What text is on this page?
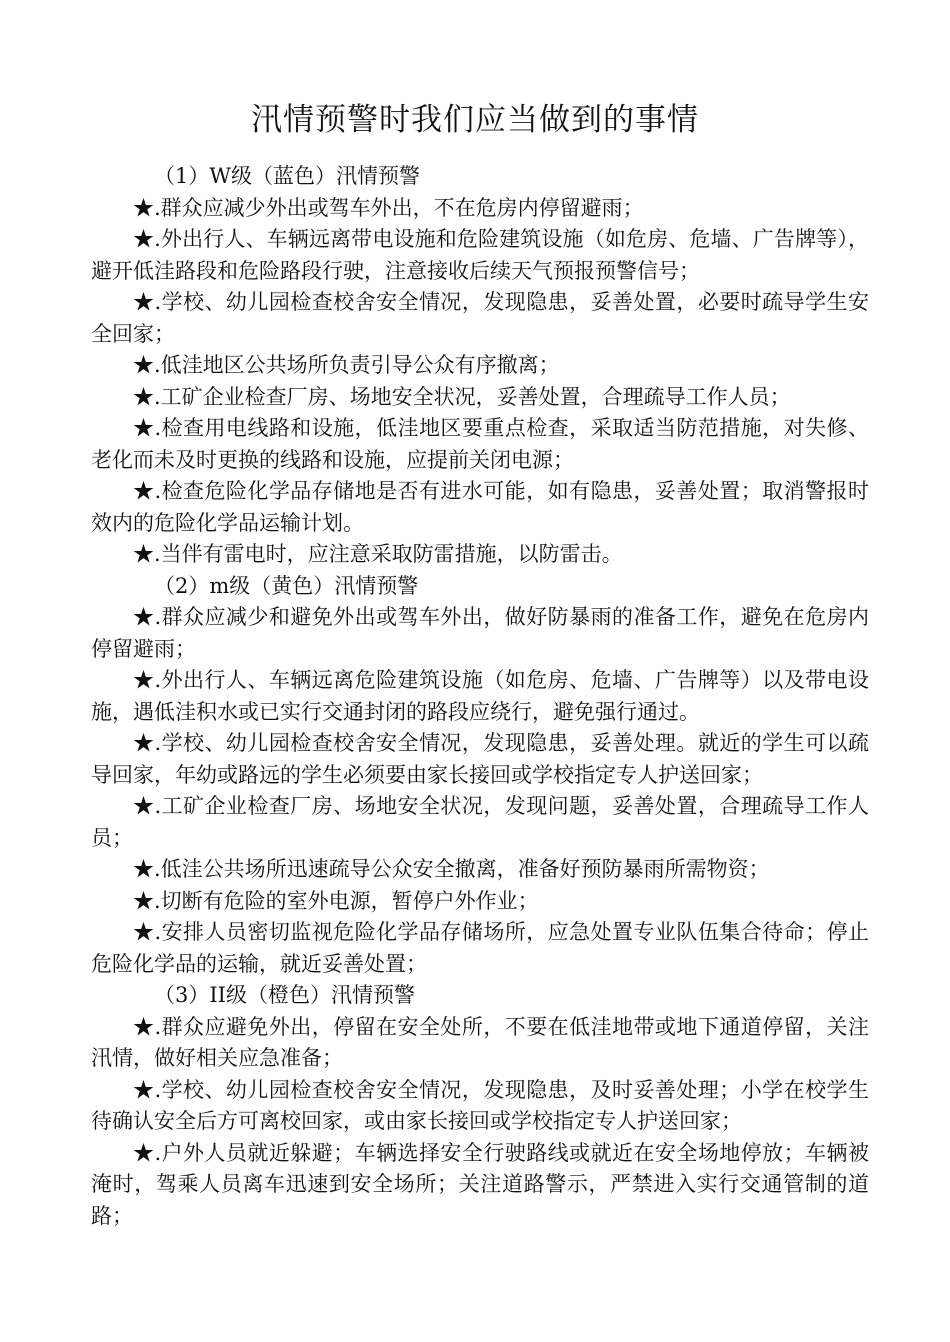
汛情预警时我们应当做到的事情

（1）W级（蓝色）汛情预警

★.群众应减少外出或驾车外出，不在危房内停留避雨；

★.外出行人、车辆远离带电设施和危险建筑设施（如危房、危墙、广告牌等），避开低洼路段和危险路段行驶，注意接收后续天气预报预警信号；

★.学校、幼儿园检查校舍安全情况，发现隐患，妥善处置，必要时疏导学生安全回家；

★.低洼地区公共场所负责引导公众有序撤离；

★.工矿企业检查厂房、场地安全状况，妥善处置，合理疏导工作人员；

★.检查用电线路和设施，低洼地区要重点检查，采取适当防范措施，对失修、老化而未及时更换的线路和设施，应提前关闭电源；

★.检查危险化学品存储地是否有进水可能，如有隐患，妥善处置；取消警报时效内的危险化学品运输计划。

★.当伴有雷电时，应注意采取防雷措施，以防雷击。

（2）m级（黄色）汛情预警

★.群众应减少和避免外出或驾车外出，做好防暴雨的准备工作，避免在危房内停留避雨；

★.外出行人、车辆远离危险建筑设施（如危房、危墙、广告牌等）以及带电设施，遇低洼积水或已实行交通封闭的路段应绕行，避免强行通过。

★.学校、幼儿园检查校舍安全情况，发现隐患，妥善处理。就近的学生可以疏导回家，年幼或路远的学生必须要由家长接回或学校指定专人护送回家；

★.工矿企业检查厂房、场地安全状况，发现问题，妥善处置，合理疏导工作人员；

★.低洼公共场所迅速疏导公众安全撤离，准备好预防暴雨所需物资；

★.切断有危险的室外电源，暂停户外作业；

★.安排人员密切监视危险化学品存储场所，应急处置专业队伍集合待命；停止危险化学品的运输，就近妥善处置；

（3）II级（橙色）汛情预警

★.群众应避免外出，停留在安全处所，不要在低洼地带或地下通道停留，关注汛情，做好相关应急准备；

★.学校、幼儿园检查校舍安全情况，发现隐患，及时妥善处理；小学在校学生待确认安全后方可离校回家，或由家长接回或学校指定专人护送回家；

★.户外人员就近躲避；车辆选择安全行驶路线或就近在安全场地停放；车辆被淹时，驾乘人员离车迅速到安全场所；关注道路警示，严禁进入实行交通管制的道路；
